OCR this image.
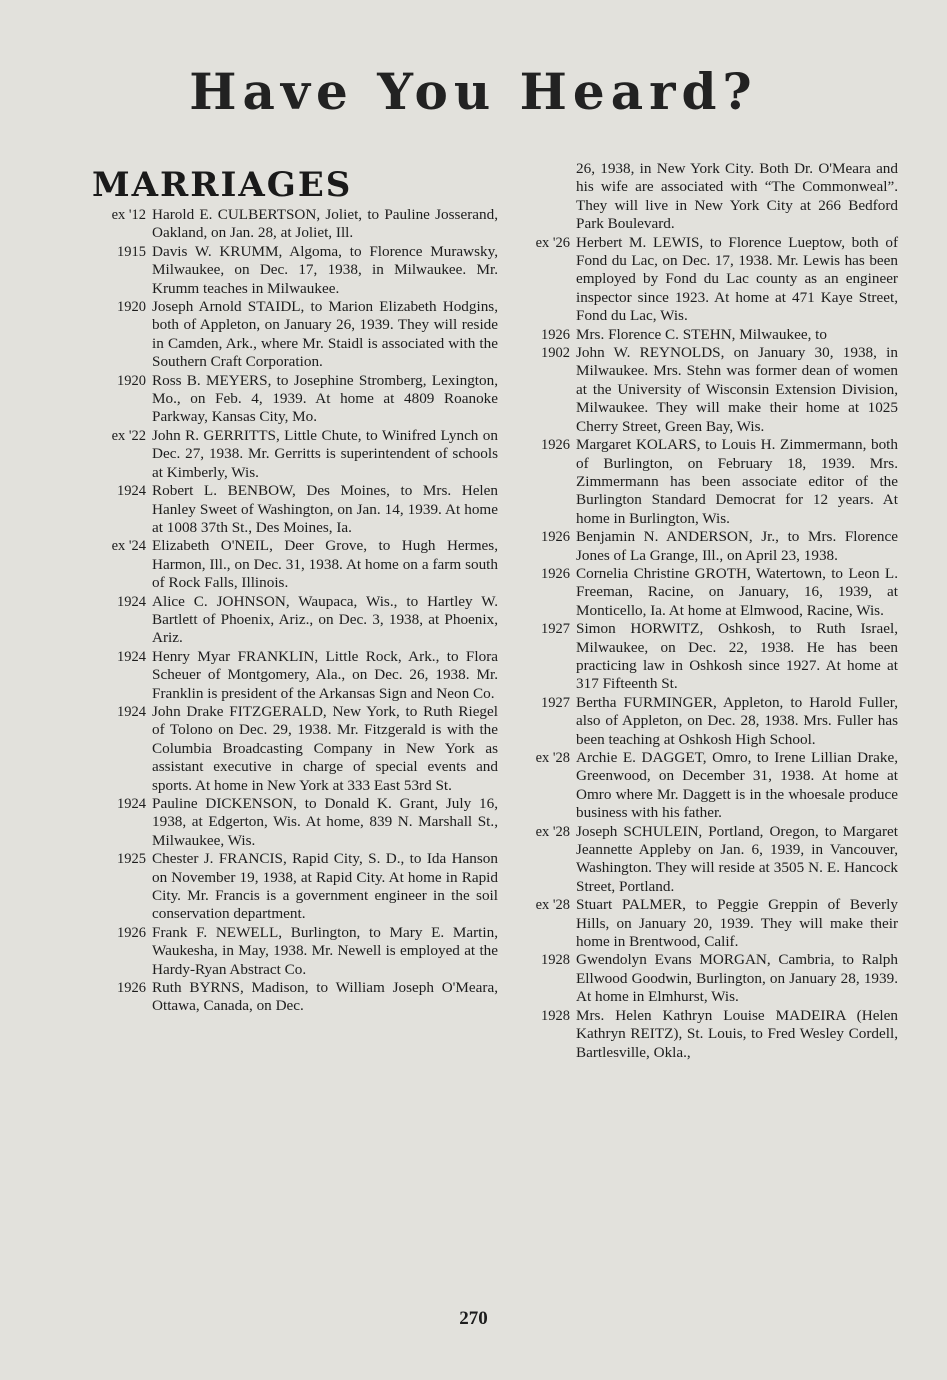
Have You Heard?
MARRIAGES
ex '12 Harold E. CULBERTSON, Joliet, to Pauline Josserand, Oakland, on Jan. 28, at Joliet, Ill.
1915 Davis W. KRUMM, Algoma, to Florence Murawsky, Milwaukee, on Dec. 17, 1938, in Milwaukee. Mr. Krumm teaches in Milwaukee.
1920 Joseph Arnold STAIDL, to Marion Elizabeth Hodgins, both of Appleton, on January 26, 1939. They will reside in Camden, Ark., where Mr. Staidl is associated with the Southern Craft Corporation.
1920 Ross B. MEYERS, to Josephine Stromberg, Lexington, Mo., on Feb. 4, 1939. At home at 4809 Roanoke Parkway, Kansas City, Mo.
ex '22 John R. GERRITTS, Little Chute, to Winifred Lynch on Dec. 27, 1938. Mr. Gerritts is superintendent of schools at Kimberly, Wis.
1924 Robert L. BENBOW, Des Moines, to Mrs. Helen Hanley Sweet of Washington, on Jan. 14, 1939. At home at 1008 37th St., Des Moines, Ia.
ex '24 Elizabeth O'NEIL, Deer Grove, to Hugh Hermes, Harmon, Ill., on Dec. 31, 1938. At home on a farm south of Rock Falls, Illinois.
1924 Alice C. JOHNSON, Waupaca, Wis., to Hartley W. Bartlett of Phoenix, Ariz., on Dec. 3, 1938, at Phoenix, Ariz.
1924 Henry Myar FRANKLIN, Little Rock, Ark., to Flora Scheuer of Montgomery, Ala., on Dec. 26, 1938. Mr. Franklin is president of the Arkansas Sign and Neon Co.
1924 John Drake FITZGERALD, New York, to Ruth Riegel of Tolono on Dec. 29, 1938. Mr. Fitzgerald is with the Columbia Broadcasting Company in New York as assistant executive in charge of special events and sports. At home in New York at 333 East 53rd St.
1924 Pauline DICKENSON, to Donald K. Grant, July 16, 1938, at Edgerton, Wis. At home, 839 N. Marshall St., Milwaukee, Wis.
1925 Chester J. FRANCIS, Rapid City, S. D., to Ida Hanson on November 19, 1938, at Rapid City. At home in Rapid City. Mr. Francis is a government engineer in the soil conservation department.
1926 Frank F. NEWELL, Burlington, to Mary E. Martin, Waukesha, in May, 1938. Mr. Newell is employed at the Hardy-Ryan Abstract Co.
1926 Ruth BYRNS, Madison, to William Joseph O'Meara, Ottawa, Canada, on Dec.
26, 1938, in New York City. Both Dr. O'Meara and his wife are associated with “The Commonweal”. They will live in New York City at 266 Bedford Park Boulevard.
ex '26 Herbert M. LEWIS, to Florence Lueptow, both of Fond du Lac, on Dec. 17, 1938. Mr. Lewis has been employed by Fond du Lac county as an engineer inspector since 1923. At home at 471 Kaye Street, Fond du Lac, Wis.
1926 Mrs. Florence C. STEHN, Milwaukee, to
1902 John W. REYNOLDS, on January 30, 1938, in Milwaukee. Mrs. Stehn was former dean of women at the University of Wisconsin Extension Division, Milwaukee. They will make their home at 1025 Cherry Street, Green Bay, Wis.
1926 Margaret KOLARS, to Louis H. Zimmermann, both of Burlington, on February 18, 1939. Mrs. Zimmermann has been associate editor of the Burlington Standard Democrat for 12 years. At home in Burlington, Wis.
1926 Benjamin N. ANDERSON, Jr., to Mrs. Florence Jones of La Grange, Ill., on April 23, 1938.
1926 Cornelia Christine GROTH, Watertown, to Leon L. Freeman, Racine, on January, 16, 1939, at Monticello, Ia. At home at Elmwood, Racine, Wis.
1927 Simon HORWITZ, Oshkosh, to Ruth Israel, Milwaukee, on Dec. 22, 1938. He has been practicing law in Oshkosh since 1927. At home at 317 Fifteenth St.
1927 Bertha FURMINGER, Appleton, to Harold Fuller, also of Appleton, on Dec. 28, 1938. Mrs. Fuller has been teaching at Oshkosh High School.
ex '28 Archie E. DAGGET, Omro, to Irene Lillian Drake, Greenwood, on December 31, 1938. At home at Omro where Mr. Daggett is in the whoesale produce business with his father.
ex '28 Joseph SCHULEIN, Portland, Oregon, to Margaret Jeannette Appleby on Jan. 6, 1939, in Vancouver, Washington. They will reside at 3505 N. E. Hancock Street, Portland.
ex '28 Stuart PALMER, to Peggie Greppin of Beverly Hills, on January 20, 1939. They will make their home in Brentwood, Calif.
1928 Gwendolyn Evans MORGAN, Cambria, to Ralph Ellwood Goodwin, Burlington, on January 28, 1939. At home in Elmhurst, Wis.
1928 Mrs. Helen Kathryn Louise MADEIRA (Helen Kathryn REITZ), St. Louis, to Fred Wesley Cordell, Bartlesville, Okla.,
270
